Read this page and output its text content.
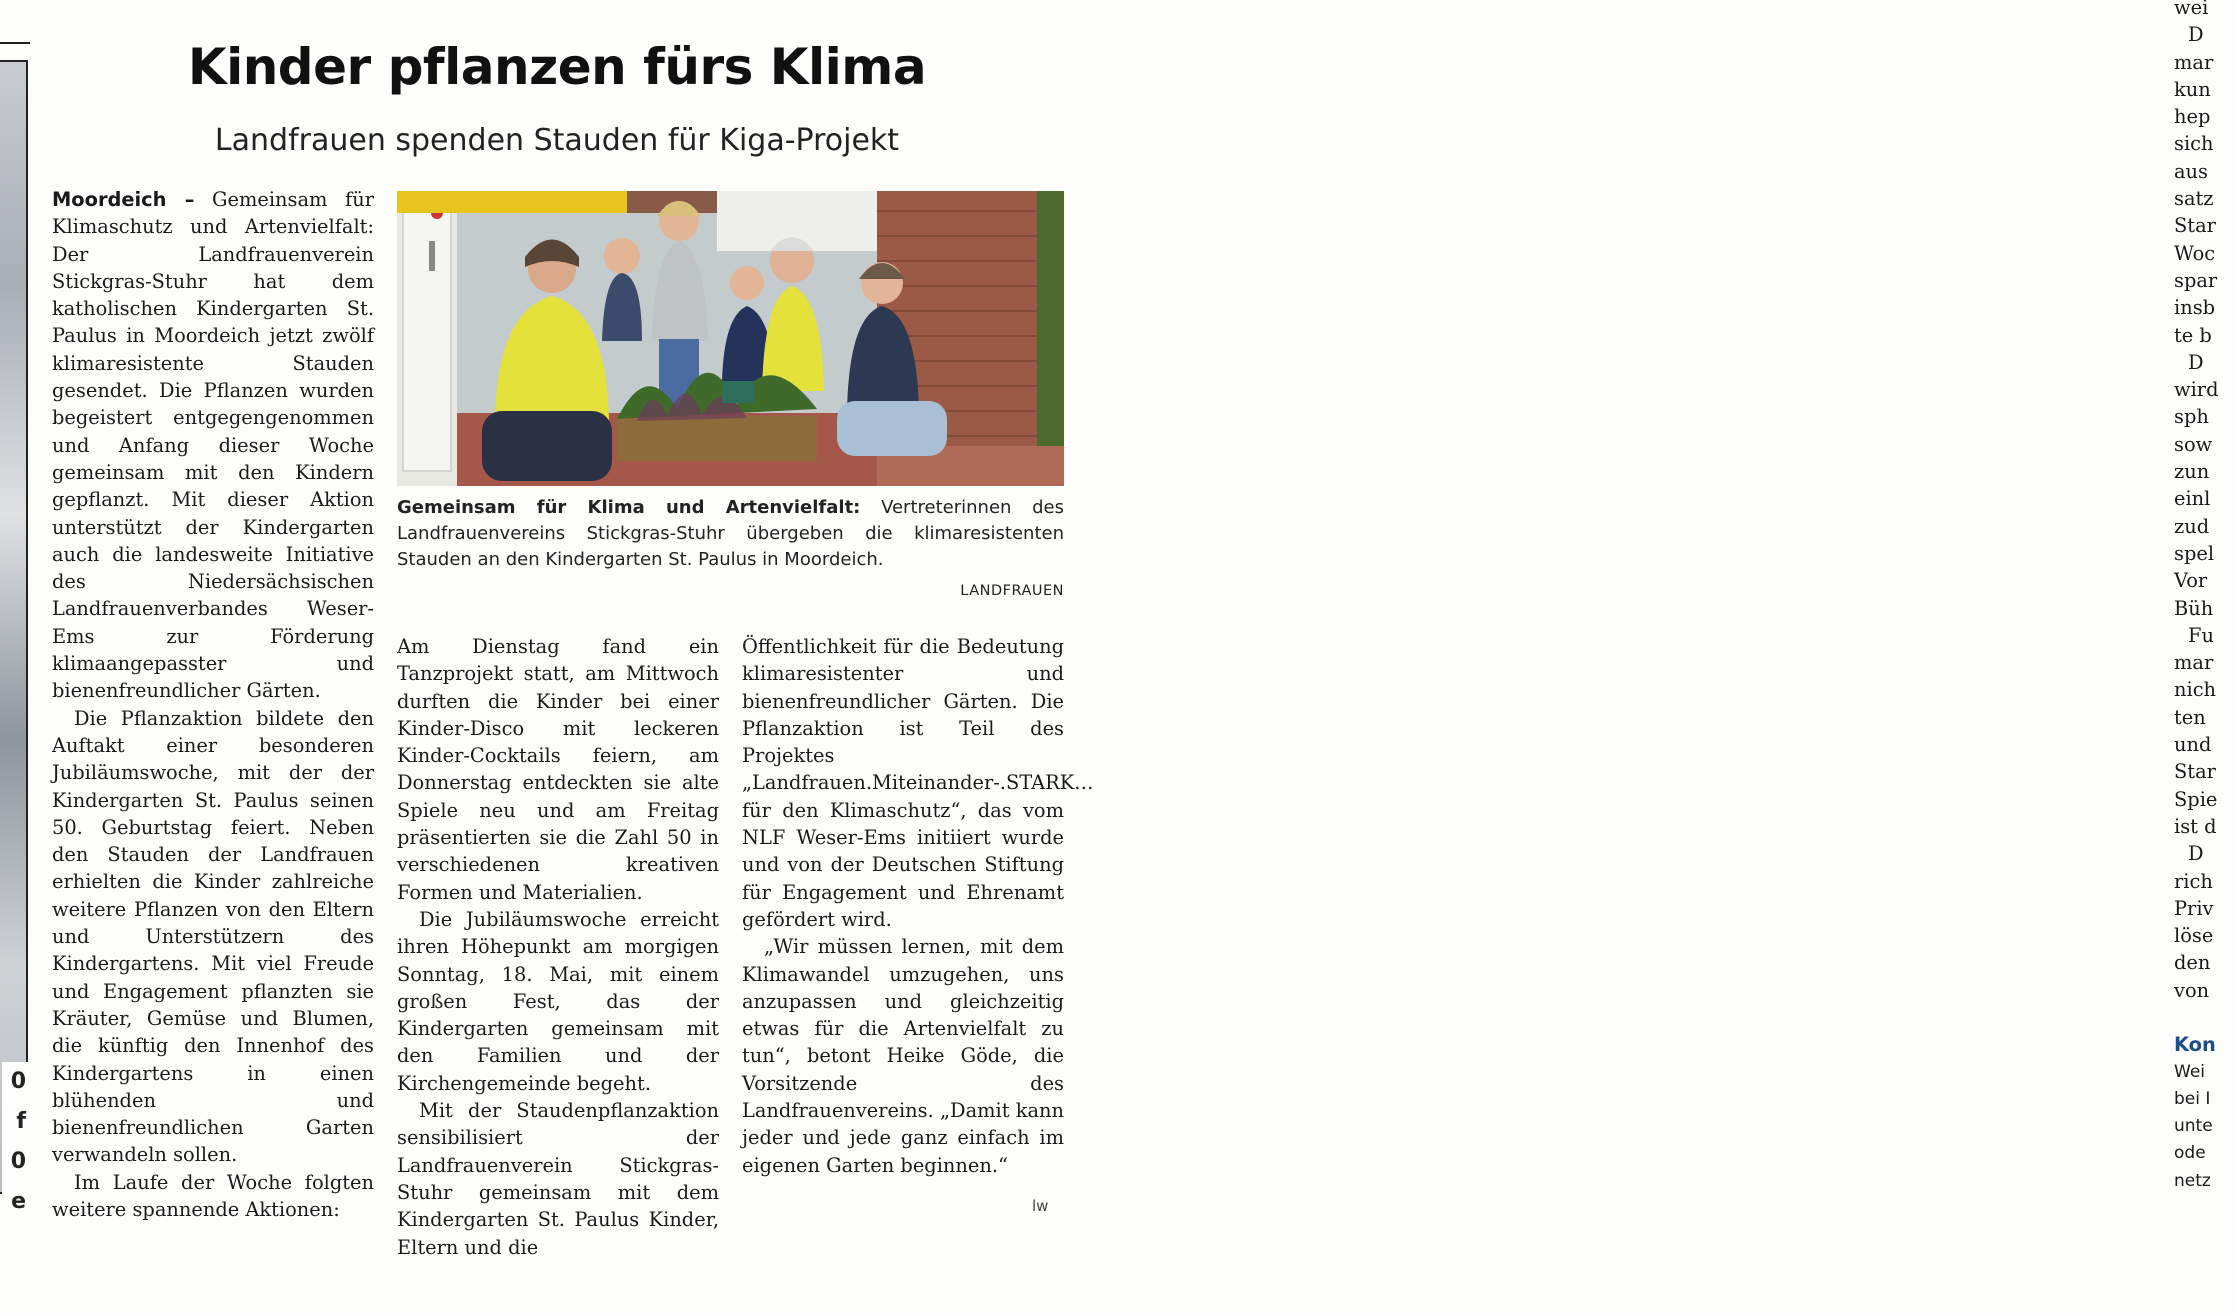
0
f
0
e
Kinder pflanzen fürs Klima
Landfrauen spenden Stauden für Kiga-Projekt

Moordeich – Gemeinsam für Klimaschutz und Artenvielfalt: Der Landfrauenverein Stickgras-Stuhr hat dem katholischen Kindergarten St. Paulus in Moordeich jetzt zwölf klimaresistente Stauden gesendet. Die Pflanzen wurden begeistert entgegengenommen und Anfang dieser Woche gemeinsam mit den Kindern gepflanzt. Mit dieser Aktion unterstützt der Kindergarten auch die landesweite Initiative des Niedersächsischen Landfrauenverbandes Weser-Ems zur Förderung klimaangepasster und bienenfreundlicher Gärten.

Die Pflanzaktion bildete den Auftakt einer besonderen Jubiläumswoche, mit der der Kindergarten St. Paulus seinen 50. Geburtstag feiert. Neben den Stauden der Landfrauen erhielten die Kinder zahlreiche weitere Pflanzen von den Eltern und Unterstützern des Kindergartens. Mit viel Freude und Engagement pflanzten sie Kräuter, Gemüse und Blumen, die künftig den Innenhof des Kindergartens in einen blühenden und bienenfreundlichen Garten verwandeln sollen.

Im Laufe der Woche folgten weitere spannende Aktionen:

Gemeinsam für Klima und Artenvielfalt: Vertreterinnen des Landfrauenvereins Stickgras-Stuhr übergeben die klimaresistenten Stauden an den Kindergarten St. Paulus in Moordeich.
LANDFRAUEN

Am Dienstag fand ein Tanzprojekt statt, am Mittwoch durften die Kinder bei einer Kinder-Disco mit leckeren Kinder-Cocktails feiern, am Donnerstag entdeckten sie alte Spiele neu und am Freitag präsentierten sie die Zahl 50 in verschiedenen kreativen Formen und Materialien.

Die Jubiläumswoche erreicht ihren Höhepunkt am morgigen Sonntag, 18. Mai, mit einem großen Fest, das der Kindergarten gemeinsam mit den Familien und der Kirchengemeinde begeht.

Mit der Staudenpflanzaktion sensibilisiert der Landfrauenverein Stickgras-Stuhr gemeinsam mit dem Kindergarten St. Paulus Kinder, Eltern und die

Öffentlichkeit für die Bedeutung klimaresistenter und bienenfreundlicher Gärten. Die Pflanzaktion ist Teil des Projektes „Landfrauen.Miteinander-.STARK… für den Klimaschutz“, das vom NLF Weser-Ems initiiert wurde und von der Deutschen Stiftung für Engagement und Ehrenamt gefördert wird.

„Wir müssen lernen, mit dem Klimawandel umzugehen, uns anzupassen und gleichzeitig etwas für die Artenvielfalt zu tun“, betont Heike Göde, die Vorsitzende des Landfrauenvereins. „Damit kann jeder und jede ganz einfach im eigenen Garten beginnen.“

lw
wei
D
mar
kun
hep
sich
aus
satz
Star
Woc
spar
insb
te b
D
wird
sph
sow
zun
einl
zud
spel
Vor
Büh
Fu
mar
nich
ten
und
Star
Spie
ist d
D
rich
Priv
löse
den
von

Kon
Wei
bei I
unte
ode
netz
